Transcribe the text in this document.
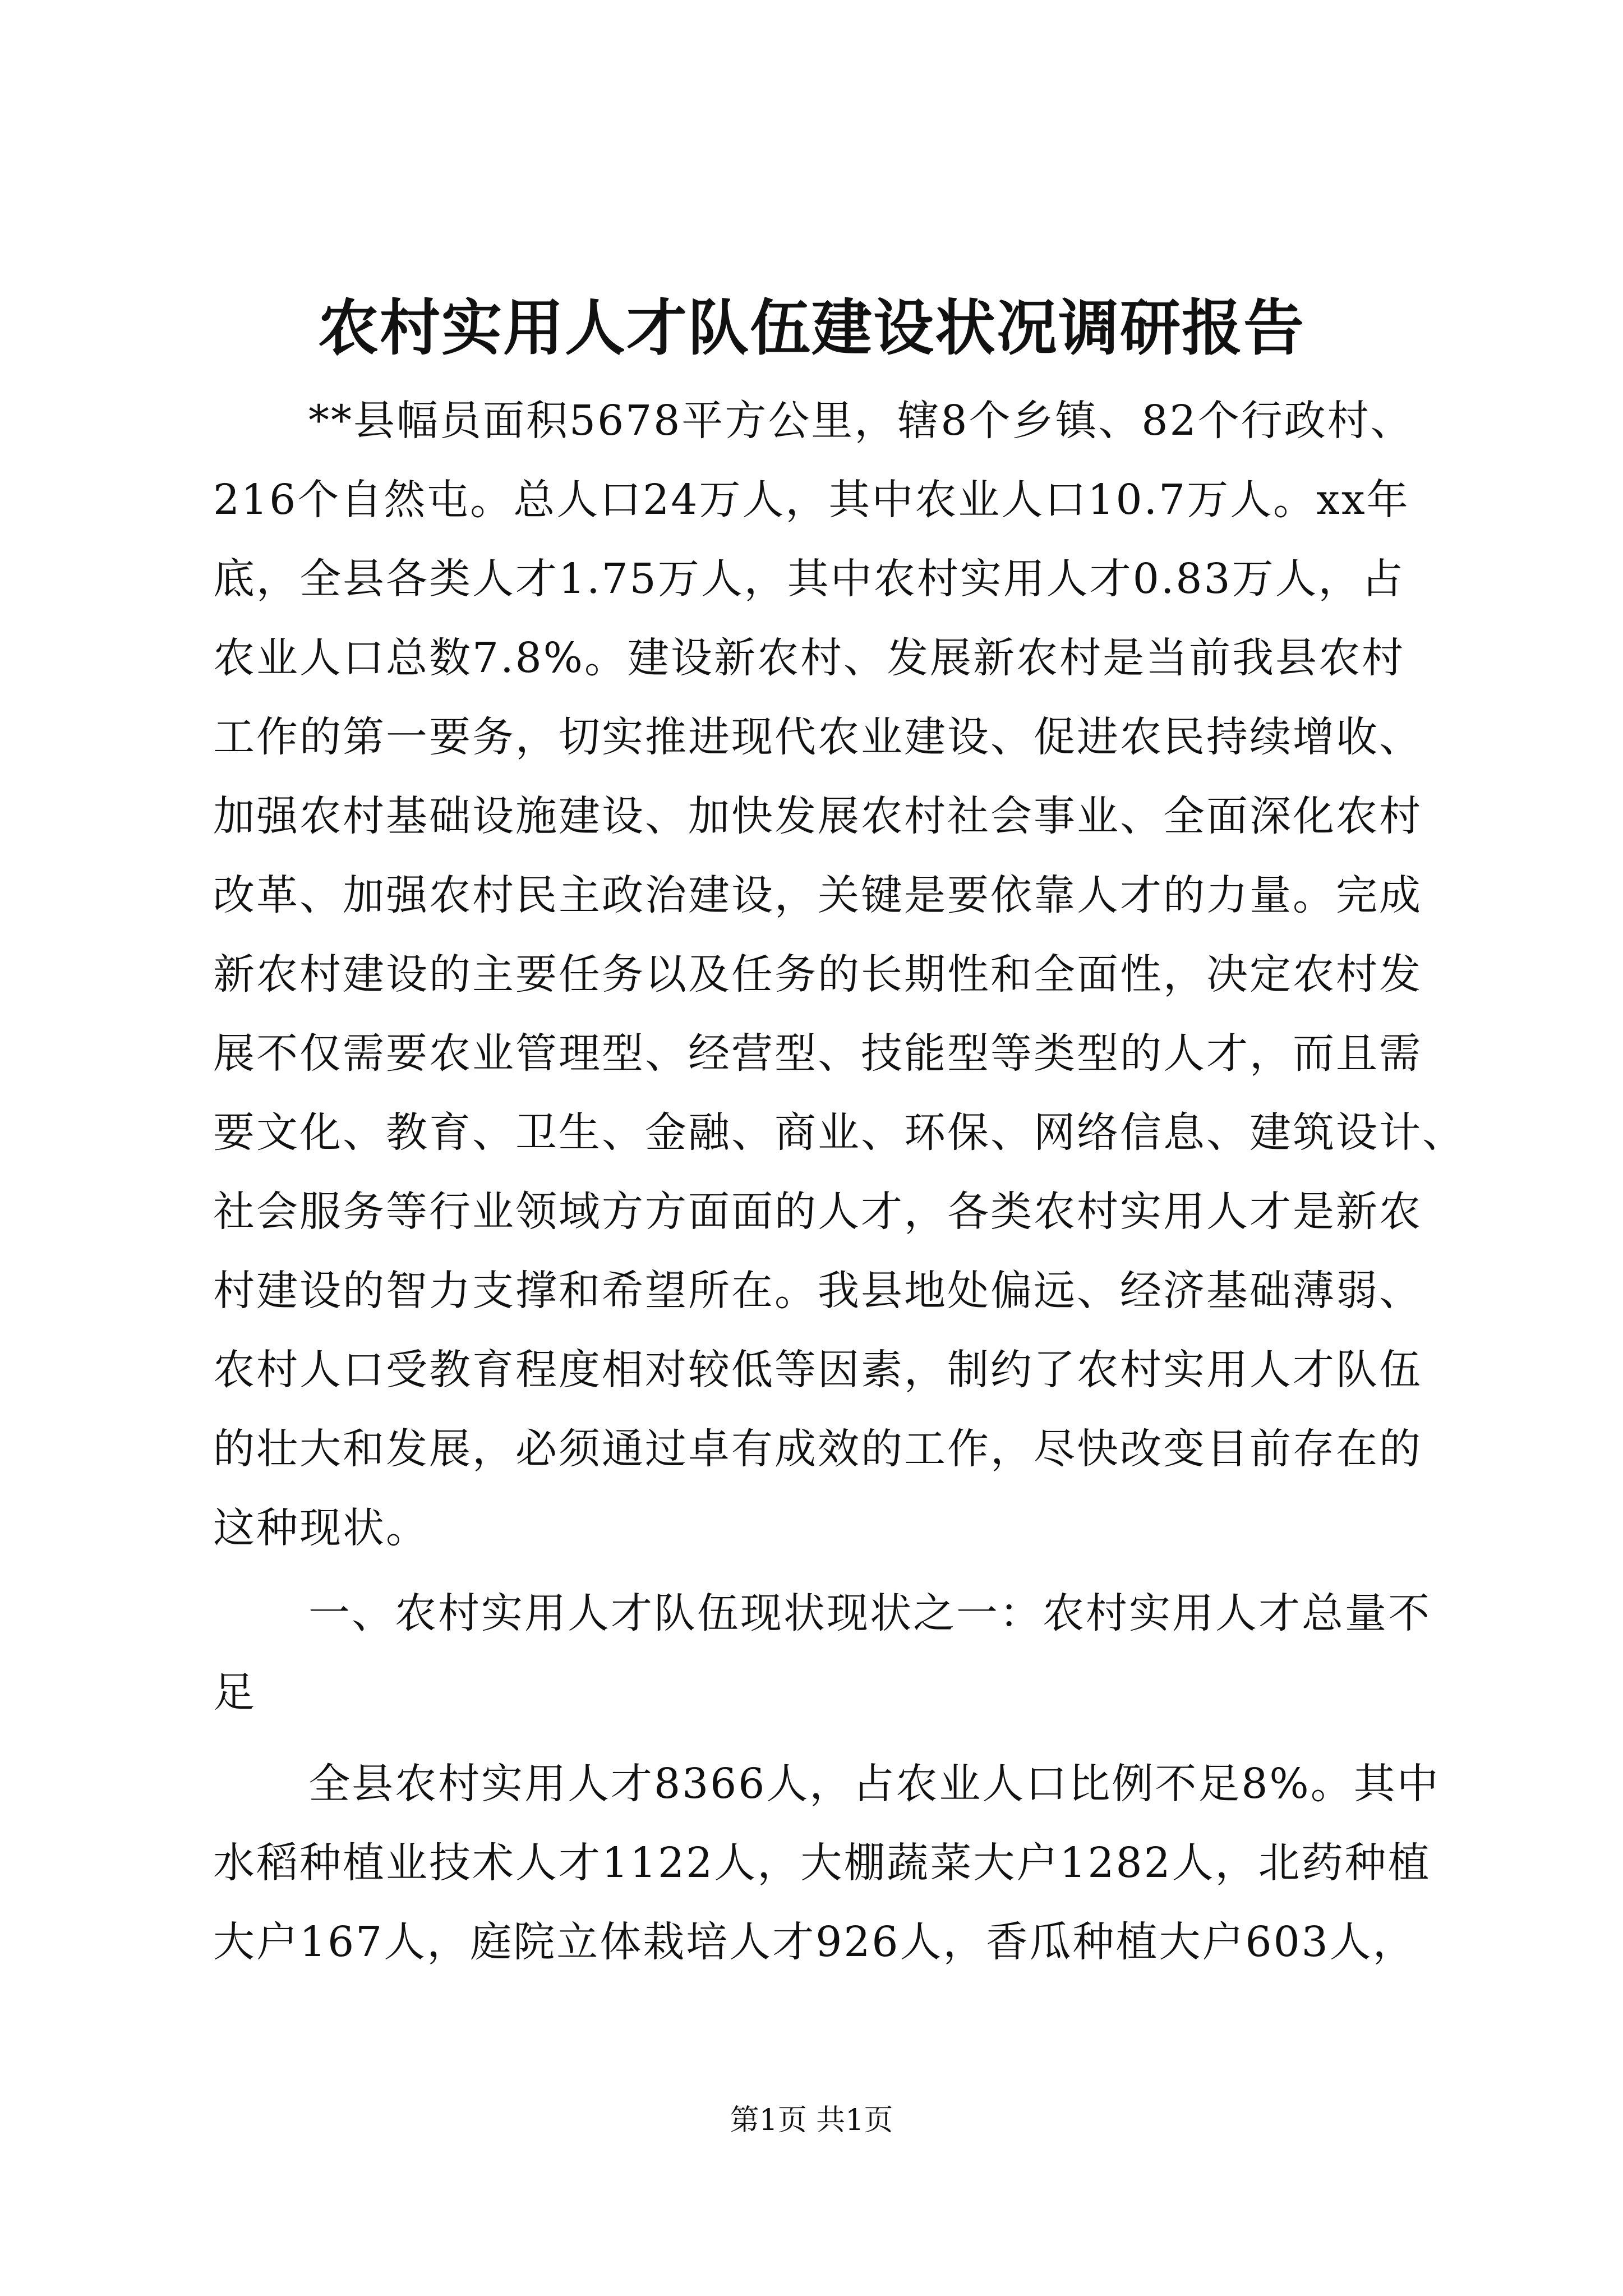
农村实用人才队伍建设状况调研报告
**县幅员面积5678平方公里，辖8个乡镇、82个行政村、
216个自然屯。总人口24万人，其中农业人口10.7万人。xx年
底，全县各类人才1.75万人，其中农村实用人才0.83万人，占
农业人口总数7.8%。建设新农村、发展新农村是当前我县农村
工作的第一要务，切实推进现代农业建设、促进农民持续增收、
加强农村基础设施建设、加快发展农村社会事业、全面深化农村
改革、加强农村民主政治建设，关键是要依靠人才的力量。完成
新农村建设的主要任务以及任务的长期性和全面性，决定农村发
展不仅需要农业管理型、经营型、技能型等类型的人才，而且需
要文化、教育、卫生、金融、商业、环保、网络信息、建筑设计、
社会服务等行业领域方方面面的人才，各类农村实用人才是新农
村建设的智力支撑和希望所在。我县地处偏远、经济基础薄弱、
农村人口受教育程度相对较低等因素，制约了农村实用人才队伍
的壮大和发展，必须通过卓有成效的工作，尽快改变目前存在的
这种现状。
一、农村实用人才队伍现状现状之一：农村实用人才总量不
足
全县农村实用人才8366人，占农业人口比例不足8%。其中
水稻种植业技术人才1122人，大棚蔬菜大户1282人，北药种植
大户167人，庭院立体栽培人才926人，香瓜种植大户603人，
第1页 共1页
